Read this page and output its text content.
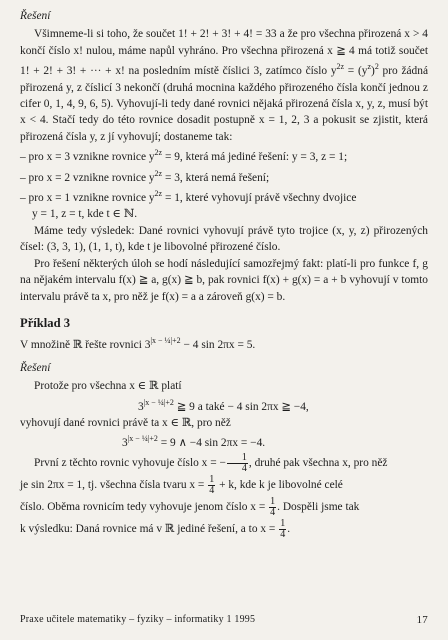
Řešení

Všimneme-li si toho, že součet 1! + 2! + 3! + 4! = 33 a že pro všechna přirozená x > 4 končí číslo x! nulou, máme napůl vyhráno. Pro všechna přirozená x ≧ 4 má totiž součet 1! + 2! + 3! + ··· + x! na posledním místě číslici 3, zatímco číslo $y^{2z} = (y^z)^2$ pro žádná přirozená y, z číslicí 3 nekončí (druhá mocnina každého přirozeného čísla končí jednou z cifer 0, 1, 4, 9, 6, 5). Vyhovují-li tedy dané rovnici nějaká přirozená čísla x, y, z, musí být x < 4. Stačí tedy do této rovnice dosadit postupně x = 1, 2, 3 a pokusit se zjistit, která přirozená čísla y, z jí vyhovují; dostaneme tak:

– pro x = 3 vznikne rovnice $y^{2z} = 9$, která má jediné řešení: y = 3, z = 1;
– pro x = 2 vznikne rovnice $y^{2z} = 3$, která nemá řešení;
– pro x = 1 vznikne rovnice $y^{2z} = 1$, které vyhovují právě všechny dvojice
y = 1, z = t, kde t ∈ ℕ.

Máme tedy výsledek: Dané rovnici vyhovují právě tyto trojice (x, y, z) přirozených čísel: (3, 3, 1), (1, 1, t), kde t je libovolné přirozené číslo.

Pro řešení některých úloh se hodí následující samozřejmý fakt: platí-li pro funkce f, g na nějakém intervalu f(x) ≧ a, g(x) ≧ b, pak rovnici f(x) + g(x) = a + b vyhovují v tomto intervalu právě ta x, pro něž je f(x) = a a zároveň g(x) = b.

Příklad 3

V množině ℝ řešte rovnici $3^{|x - \frac{1}{4}|+2} - 4$ sin 2πx = 5.

Řešení

Protože pro všechna x ∈ ℝ platí

$3^{|x - \frac{1}{4}|+2}$ ≧ 9 a také − 4 sin 2πx ≧ −4,

vyhovují dané rovnici právě ta x ∈ ℝ, pro něž

$3^{|x - \frac{1}{4}|+2} = 9$ ∧ −4 sin 2πx = −4.

První z těchto rovnic vyhovuje číslo x = − $\frac{1}{4}$ , druhé pak všechna x, pro něž

je sin 2πx = 1, tj. všechna čísla tvaru $x = \frac{1}{4} + k$, kde k je libovolné celé

číslo. Oběma rovnicím tedy vyhovuje jenom číslo $x = \frac{1}{4}$ . Dospěli jsme tak

k výsledku: Daná rovnice má v ℝ jediné řešení, a to $x = \frac{1}{4}$ .

Praxe učitele matematiky – fyziky – informatiky 1 1995	17
